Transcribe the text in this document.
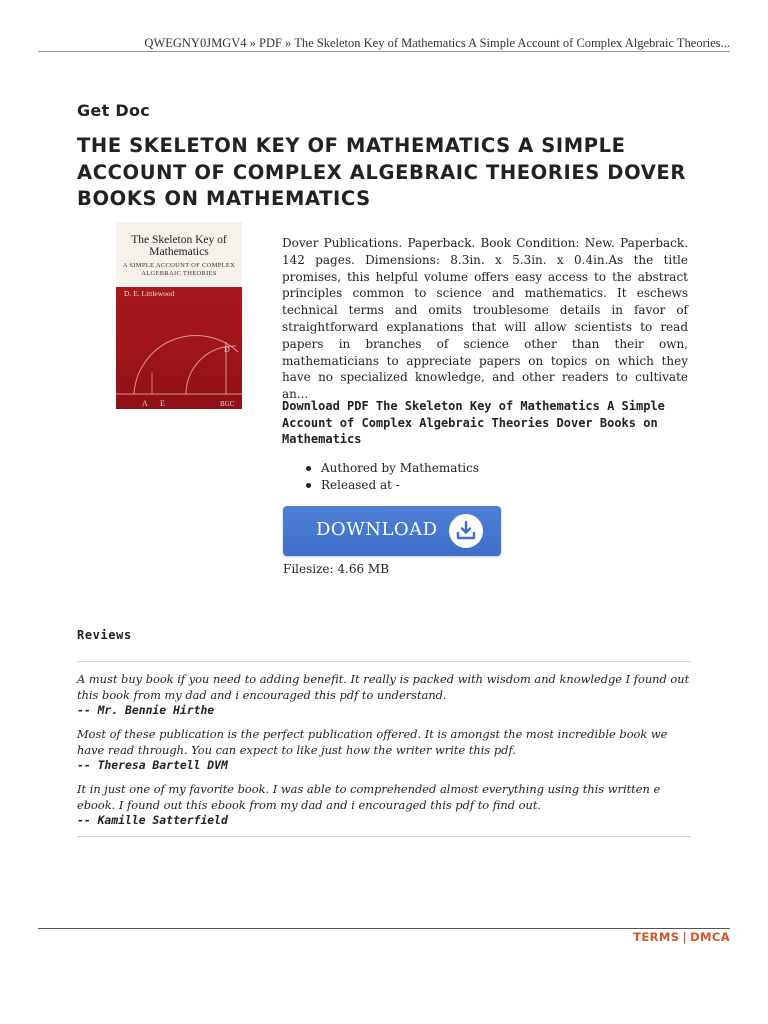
QWEGNY0JMGV4 » PDF » The Skeleton Key of Mathematics A Simple Account of Complex Algebraic Theories...
Get Doc
THE SKELETON KEY OF MATHEMATICS A SIMPLE ACCOUNT OF COMPLEX ALGEBRAIC THEORIES DOVER BOOKS ON MATHEMATICS
The Skeleton Key of Mathematics
A SIMPLE ACCOUNT OF COMPLEX ALGEBRAIC THEORIES
D. E. Littlewood
D
A E	BGC

Dover Publications. Paperback. Book Condition: New. Paperback. 142 pages. Dimensions: 8.3in. x 5.3in. x 0.4in.As the title promises, this helpful volume offers easy access to the abstract principles common to science and mathematics. It eschews technical terms and omits troublesome details in favor of straightforward explanations that will allow scientists to read papers in branches of science other than their own, mathematicians to appreciate papers on topics on which they have no specialized knowledge, and other readers to cultivate an...

Download PDF The Skeleton Key of Mathematics A Simple Account of Complex Algebraic Theories Dover Books on Mathematics
Authored by Mathematics
Released at -
DOWNLOAD
Filesize: 4.66 MB
Reviews
A must buy book if you need to adding benefit. It really is packed with wisdom and knowledge I found out this book from my dad and i encouraged this pdf to understand.
-- Mr. Bennie Hirthe
Most of these publication is the perfect publication offered. It is amongst the most incredible book we have read through. You can expect to like just how the writer write this pdf.
-- Theresa Bartell DVM
It in just one of my favorite book. I was able to comprehended almost everything using this written e ebook. I found out this ebook from my dad and i encouraged this pdf to find out.
-- Kamille Satterfield
TERMS | DMCA
